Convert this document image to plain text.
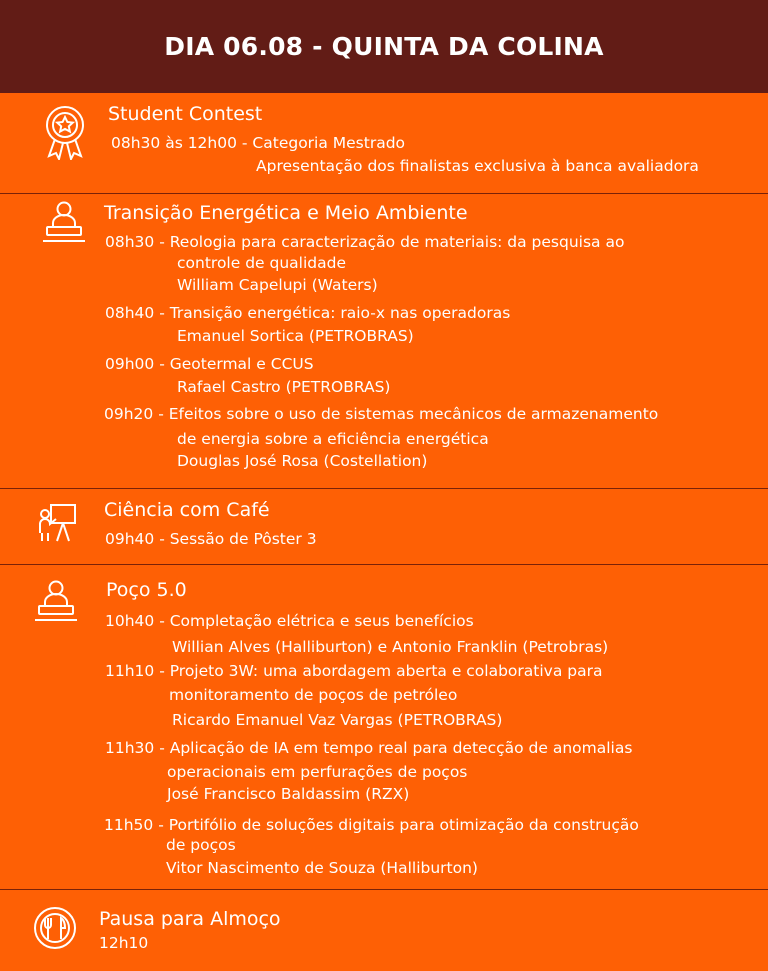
DIA 06.08 - QUINTA DA COLINA
Student Contest
08h30 às 12h00 - Categoria Mestrado
Apresentação dos finalistas exclusiva à banca avaliadora
Transição Energética e Meio Ambiente
08h30 - Reologia para caracterização de materiais: da pesquisa ao
controle de qualidade
William Capelupi (Waters)
08h40 - Transição energética: raio-x nas operadoras
Emanuel Sortica (PETROBRAS)
09h00 - Geotermal e CCUS
Rafael Castro (PETROBRAS)
09h20 - Efeitos sobre o uso de sistemas mecânicos de armazenamento
de energia sobre a eficiência energética
Douglas José Rosa (Costellation)
Ciência com Café
09h40 - Sessão de Pôster 3
Poço 5.0
10h40 - Completação elétrica e seus benefícios
Willian Alves (Halliburton) e Antonio Franklin (Petrobras)
11h10 - Projeto 3W: uma abordagem aberta e colaborativa para
monitoramento de poços de petróleo
Ricardo Emanuel Vaz Vargas (PETROBRAS)
11h30 - Aplicação de IA em tempo real para detecção de anomalias
operacionais em perfurações de poços
José Francisco Baldassim (RZX)
11h50 - Portifólio de soluções digitais para otimização da construção
de poços
Vitor Nascimento de Souza (Halliburton)
Pausa para Almoço
12h10
